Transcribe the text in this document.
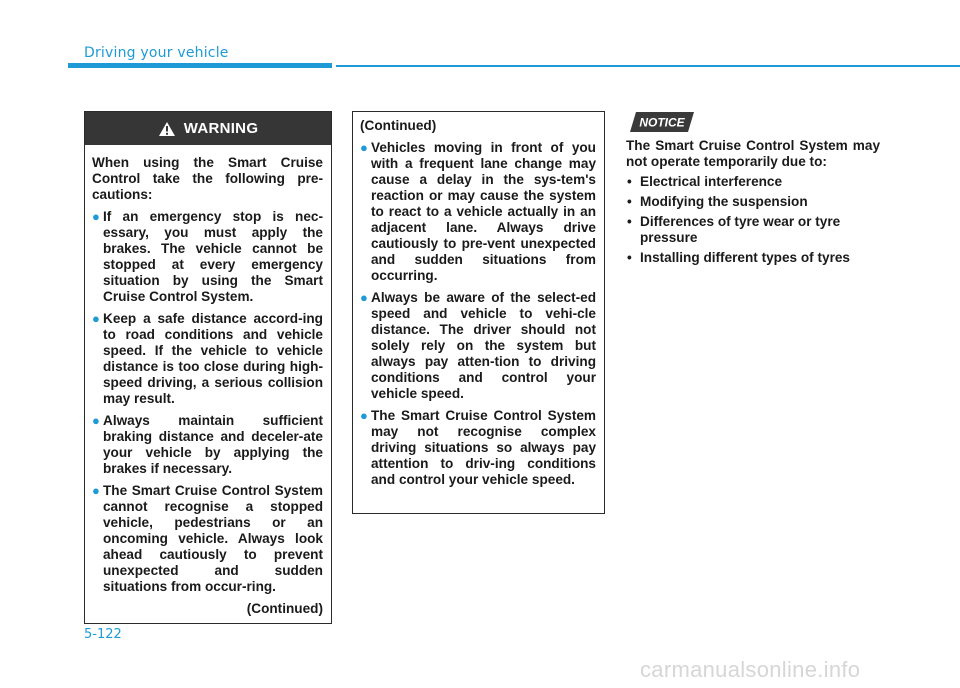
Driving your vehicle
WARNING

When using the Smart Cruise Control take the following pre-cautions:

● If an emergency stop is nec-essary, you must apply the brakes. The vehicle cannot be stopped at every emergency situation by using the Smart Cruise Control System.
● Keep a safe distance accord-ing to road conditions and vehicle speed. If the vehicle to vehicle distance is too close during high-speed driving, a serious collision may result.
● Always maintain sufficient braking distance and deceler-ate your vehicle by applying the brakes if necessary.
● The Smart Cruise Control System cannot recognise a stopped vehicle, pedestrians or an oncoming vehicle. Always look ahead cautiously to prevent unexpected and sudden situations from occur-ring.
(Continued)

(Continued)

● Vehicles moving in front of you with a frequent lane change may cause a delay in the sys-tem's reaction or may cause the system to react to a vehicle actually in an adjacent lane. Always drive cautiously to pre-vent unexpected and sudden situations from occurring.
● Always be aware of the select-ed speed and vehicle to vehi-cle distance. The driver should not solely rely on the system but always pay atten-tion to driving conditions and control your vehicle speed.
● The Smart Cruise Control System may not recognise complex driving situations so always pay attention to driv-ing conditions and control your vehicle speed.
NOTICE

The Smart Cruise Control System may not operate temporarily due to:

• Electrical interference
• Modifying the suspension
• Differences of tyre wear or tyre pressure
• Installing different types of tyres
5-122
carmanualsonline.info
